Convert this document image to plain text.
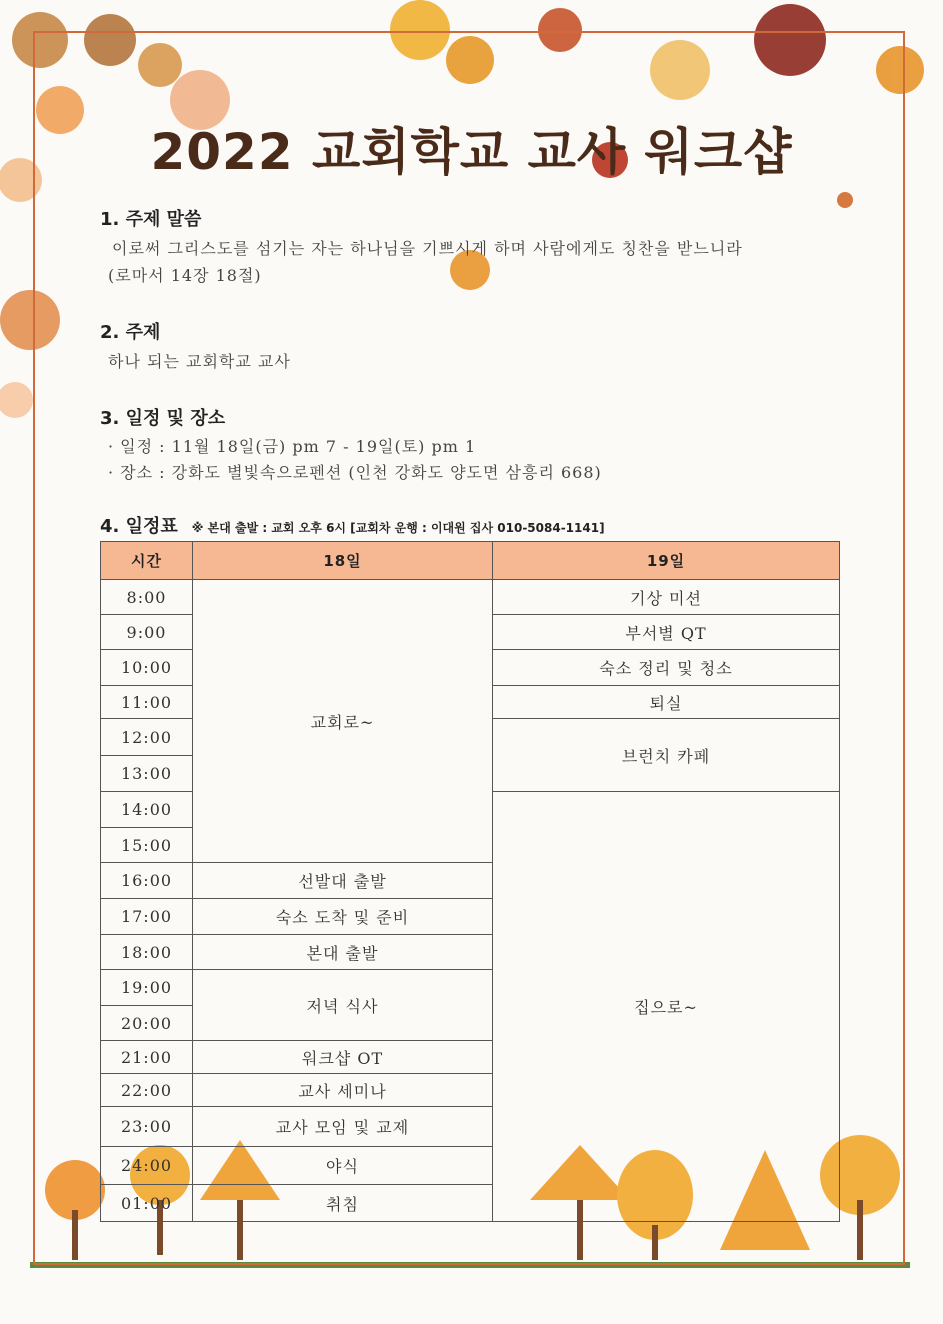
2022 교회학교 교사 워크샵
1. 주제 말씀
이로써 그리스도를 섬기는 자는 하나님을 기쁘시게 하며 사람에게도 칭찬을 받느니라
(로마서 14장 18절)
2. 주제
하나 되는 교회학교 교사
3. 일정 및 장소
· 일정 : 11월 18일(금) pm 7 - 19일(토) pm 1
· 장소 : 강화도 별빛속으로펜션 (인천 강화도 양도면 삼흥리 668)
4. 일정표 ※ 본대 출발 : 교회 오후 6시 [교회차 운행 : 이대원 집사 010-5084-1141]
시간	18일	19일
8:00	교회로~	기상 미션
9:00		부서별 QT
10:00		숙소 정리 및 청소
11:00		퇴실
12:00		브런치 카페
13:00		
14:00		집으로~
15:00		
16:00	선발대 출발	
17:00	숙소 도착 및 준비	
18:00	본대 출발	
19:00	저녁 식사	
20:00		
21:00	워크샵 OT	
22:00	교사 세미나	
23:00	교사 모임 및 교제	
24:00	야식	
01:00	취침	
